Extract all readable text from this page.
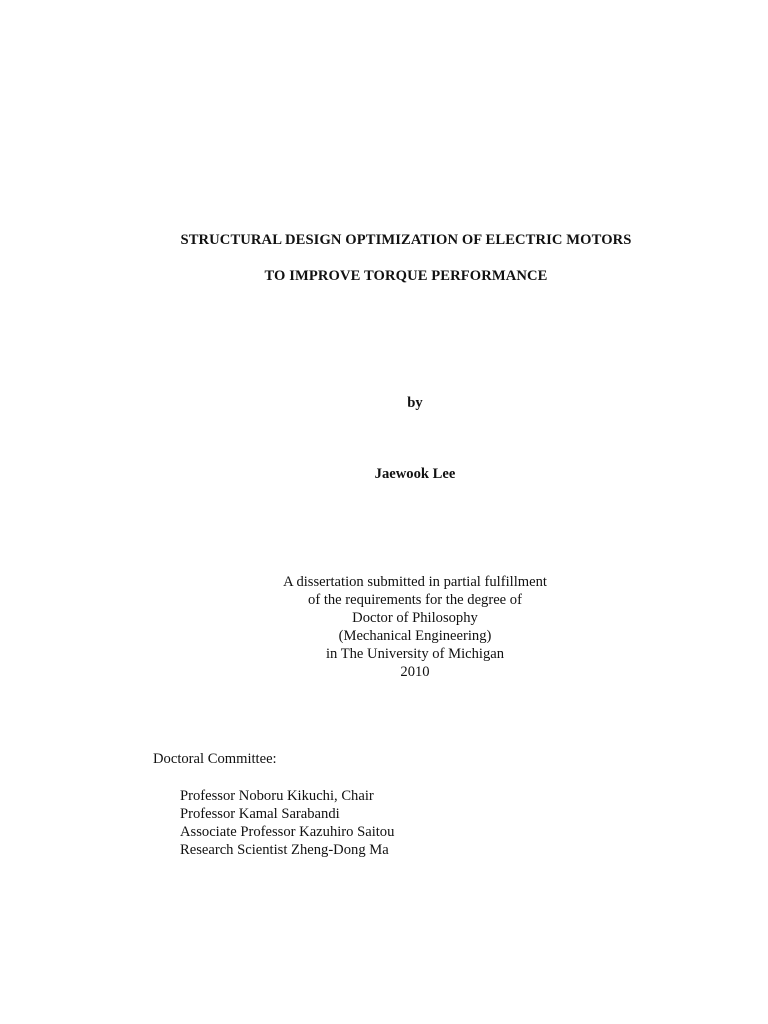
STRUCTURAL DESIGN OPTIMIZATION OF ELECTRIC MOTORS
TO IMPROVE TORQUE PERFORMANCE
by
Jaewook Lee
A dissertation submitted in partial fulfillment
of the requirements for the degree of
Doctor of Philosophy
(Mechanical Engineering)
in The University of Michigan
2010
Doctoral Committee:
Professor Noboru Kikuchi, Chair
Professor Kamal Sarabandi
Associate Professor Kazuhiro Saitou
Research Scientist Zheng-Dong Ma
